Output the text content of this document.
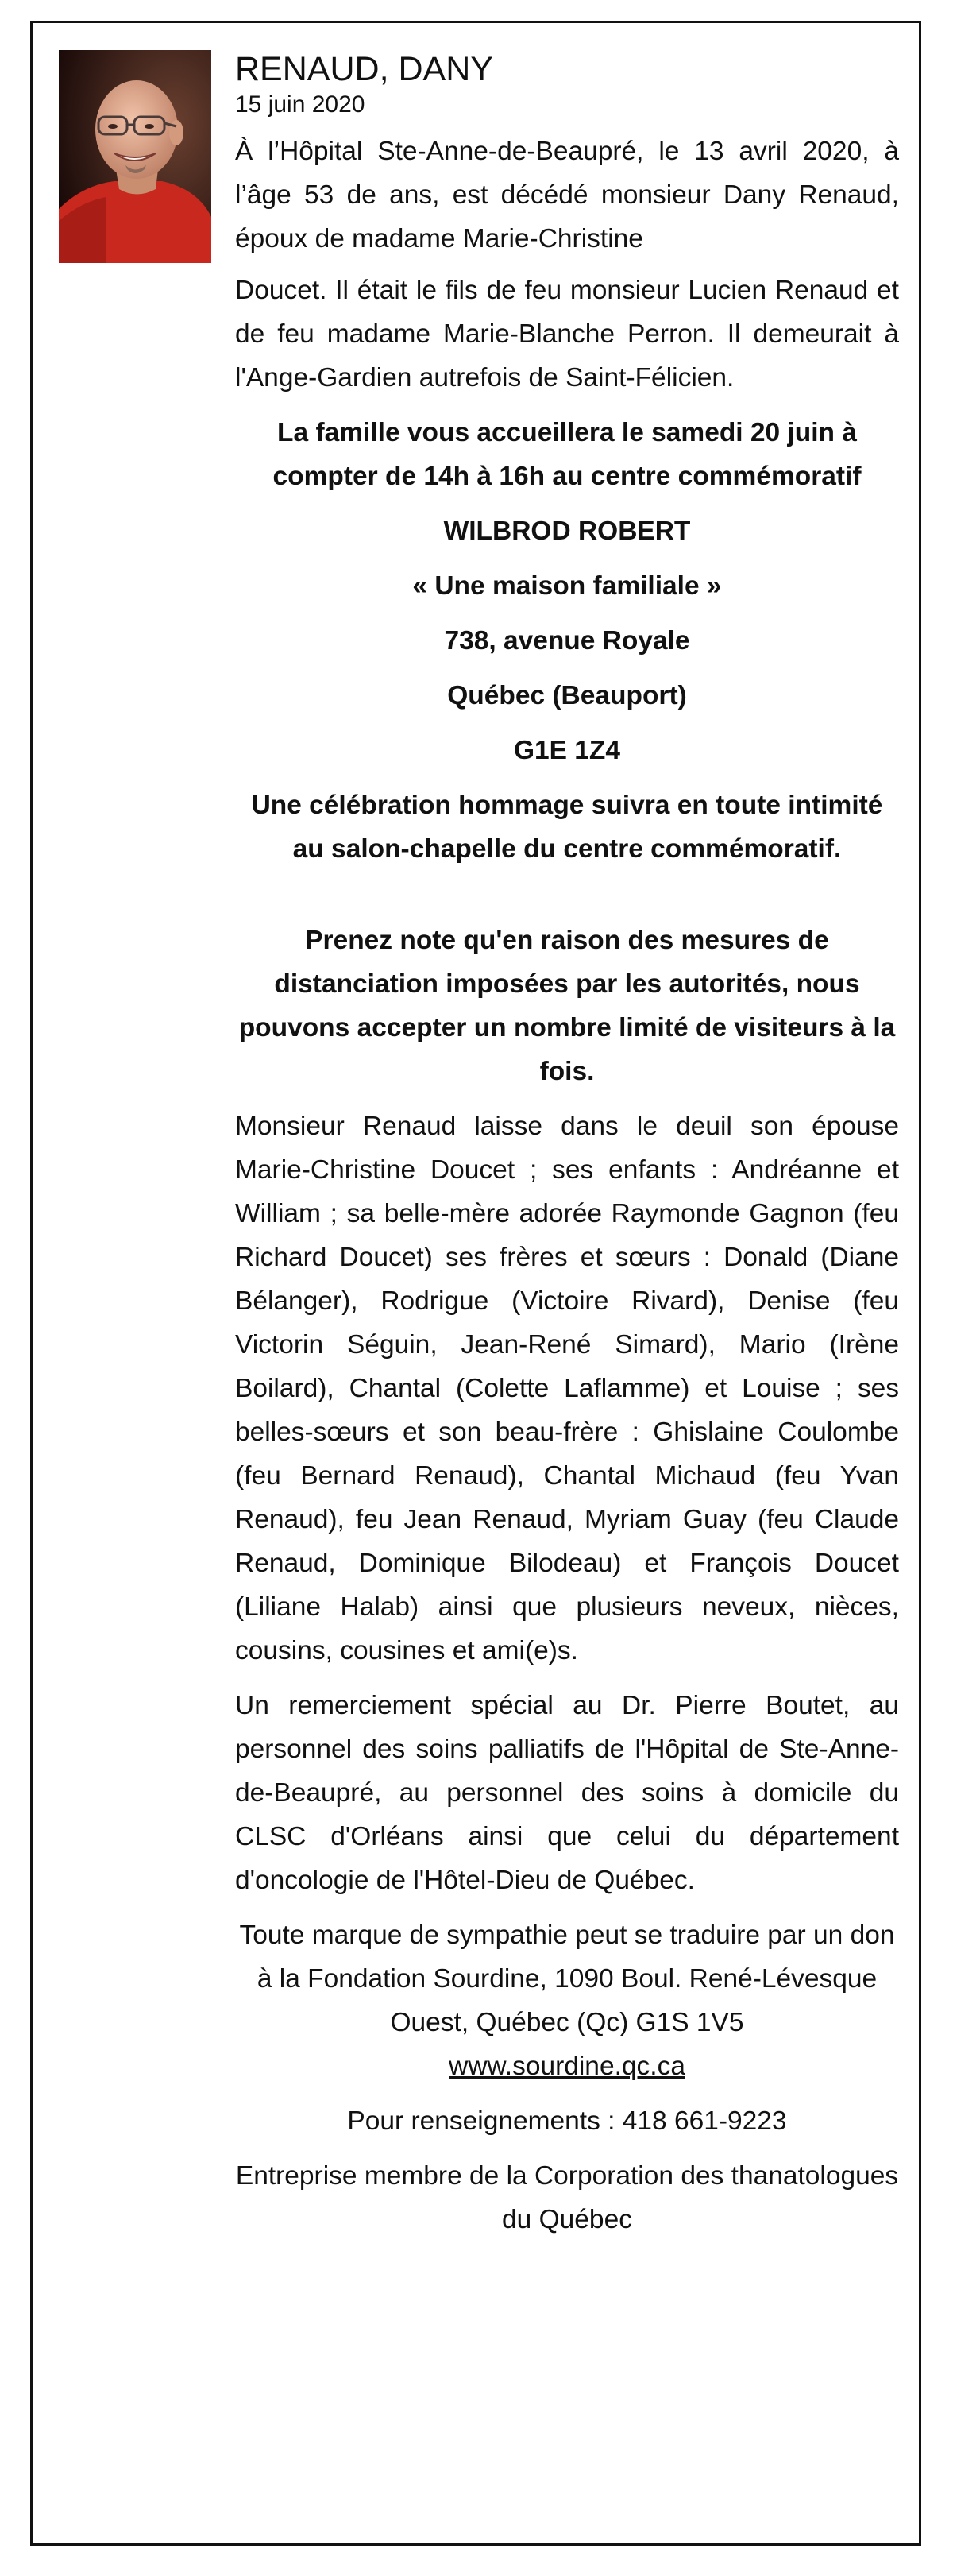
RENAUD, DANY
15 juin 2020

À l’Hôpital Ste-Anne-de-Beaupré, le 13 avril 2020, à l’âge 53 de ans, est décédé monsieur Dany Renaud, époux de madame Marie-Christine

Doucet. Il était le fils de feu monsieur Lucien Renaud et de feu madame Marie-Blanche Perron. Il demeurait à l'Ange-Gardien autrefois de Saint-Félicien.

La famille vous accueillera le samedi 20 juin à compter de 14h à 16h au centre commémoratif

WILBROD ROBERT

« Une maison familiale »

738, avenue Royale

Québec (Beauport)

G1E 1Z4

Une célébration hommage suivra en toute intimité au salon-chapelle du centre commémoratif.

Prenez note qu'en raison des mesures de distanciation imposées par les autorités, nous pouvons accepter un nombre limité de visiteurs à la fois.

Monsieur Renaud laisse dans le deuil son épouse Marie-Christine Doucet ; ses enfants : Andréanne et William ; sa belle-mère adorée Raymonde Gagnon (feu Richard Doucet) ses frères et sœurs : Donald (Diane Bélanger), Rodrigue (Victoire Rivard), Denise (feu Victorin Séguin, Jean-René Simard), Mario (Irène Boilard), Chantal (Colette Laflamme) et Louise ; ses belles-sœurs et son beau-frère : Ghislaine Coulombe (feu Bernard Renaud), Chantal Michaud (feu Yvan Renaud), feu Jean Renaud, Myriam Guay (feu Claude Renaud, Dominique Bilodeau) et François Doucet (Liliane Halab) ainsi que plusieurs neveux, nièces, cousins, cousines et ami(e)s.

Un remerciement spécial au Dr. Pierre Boutet, au personnel des soins palliatifs de l'Hôpital de Ste-Anne-de-Beaupré, au personnel des soins à domicile du CLSC d'Orléans ainsi que celui du département d'oncologie de l'Hôtel-Dieu de Québec.

Toute marque de sympathie peut se traduire par un don à la Fondation Sourdine, 1090 Boul. René-Lévesque Ouest, Québec (Qc) G1S 1V5

www.sourdine.qc.ca

Pour renseignements : 418 661-9223

Entreprise membre de la Corporation des thanatologues du Québec
